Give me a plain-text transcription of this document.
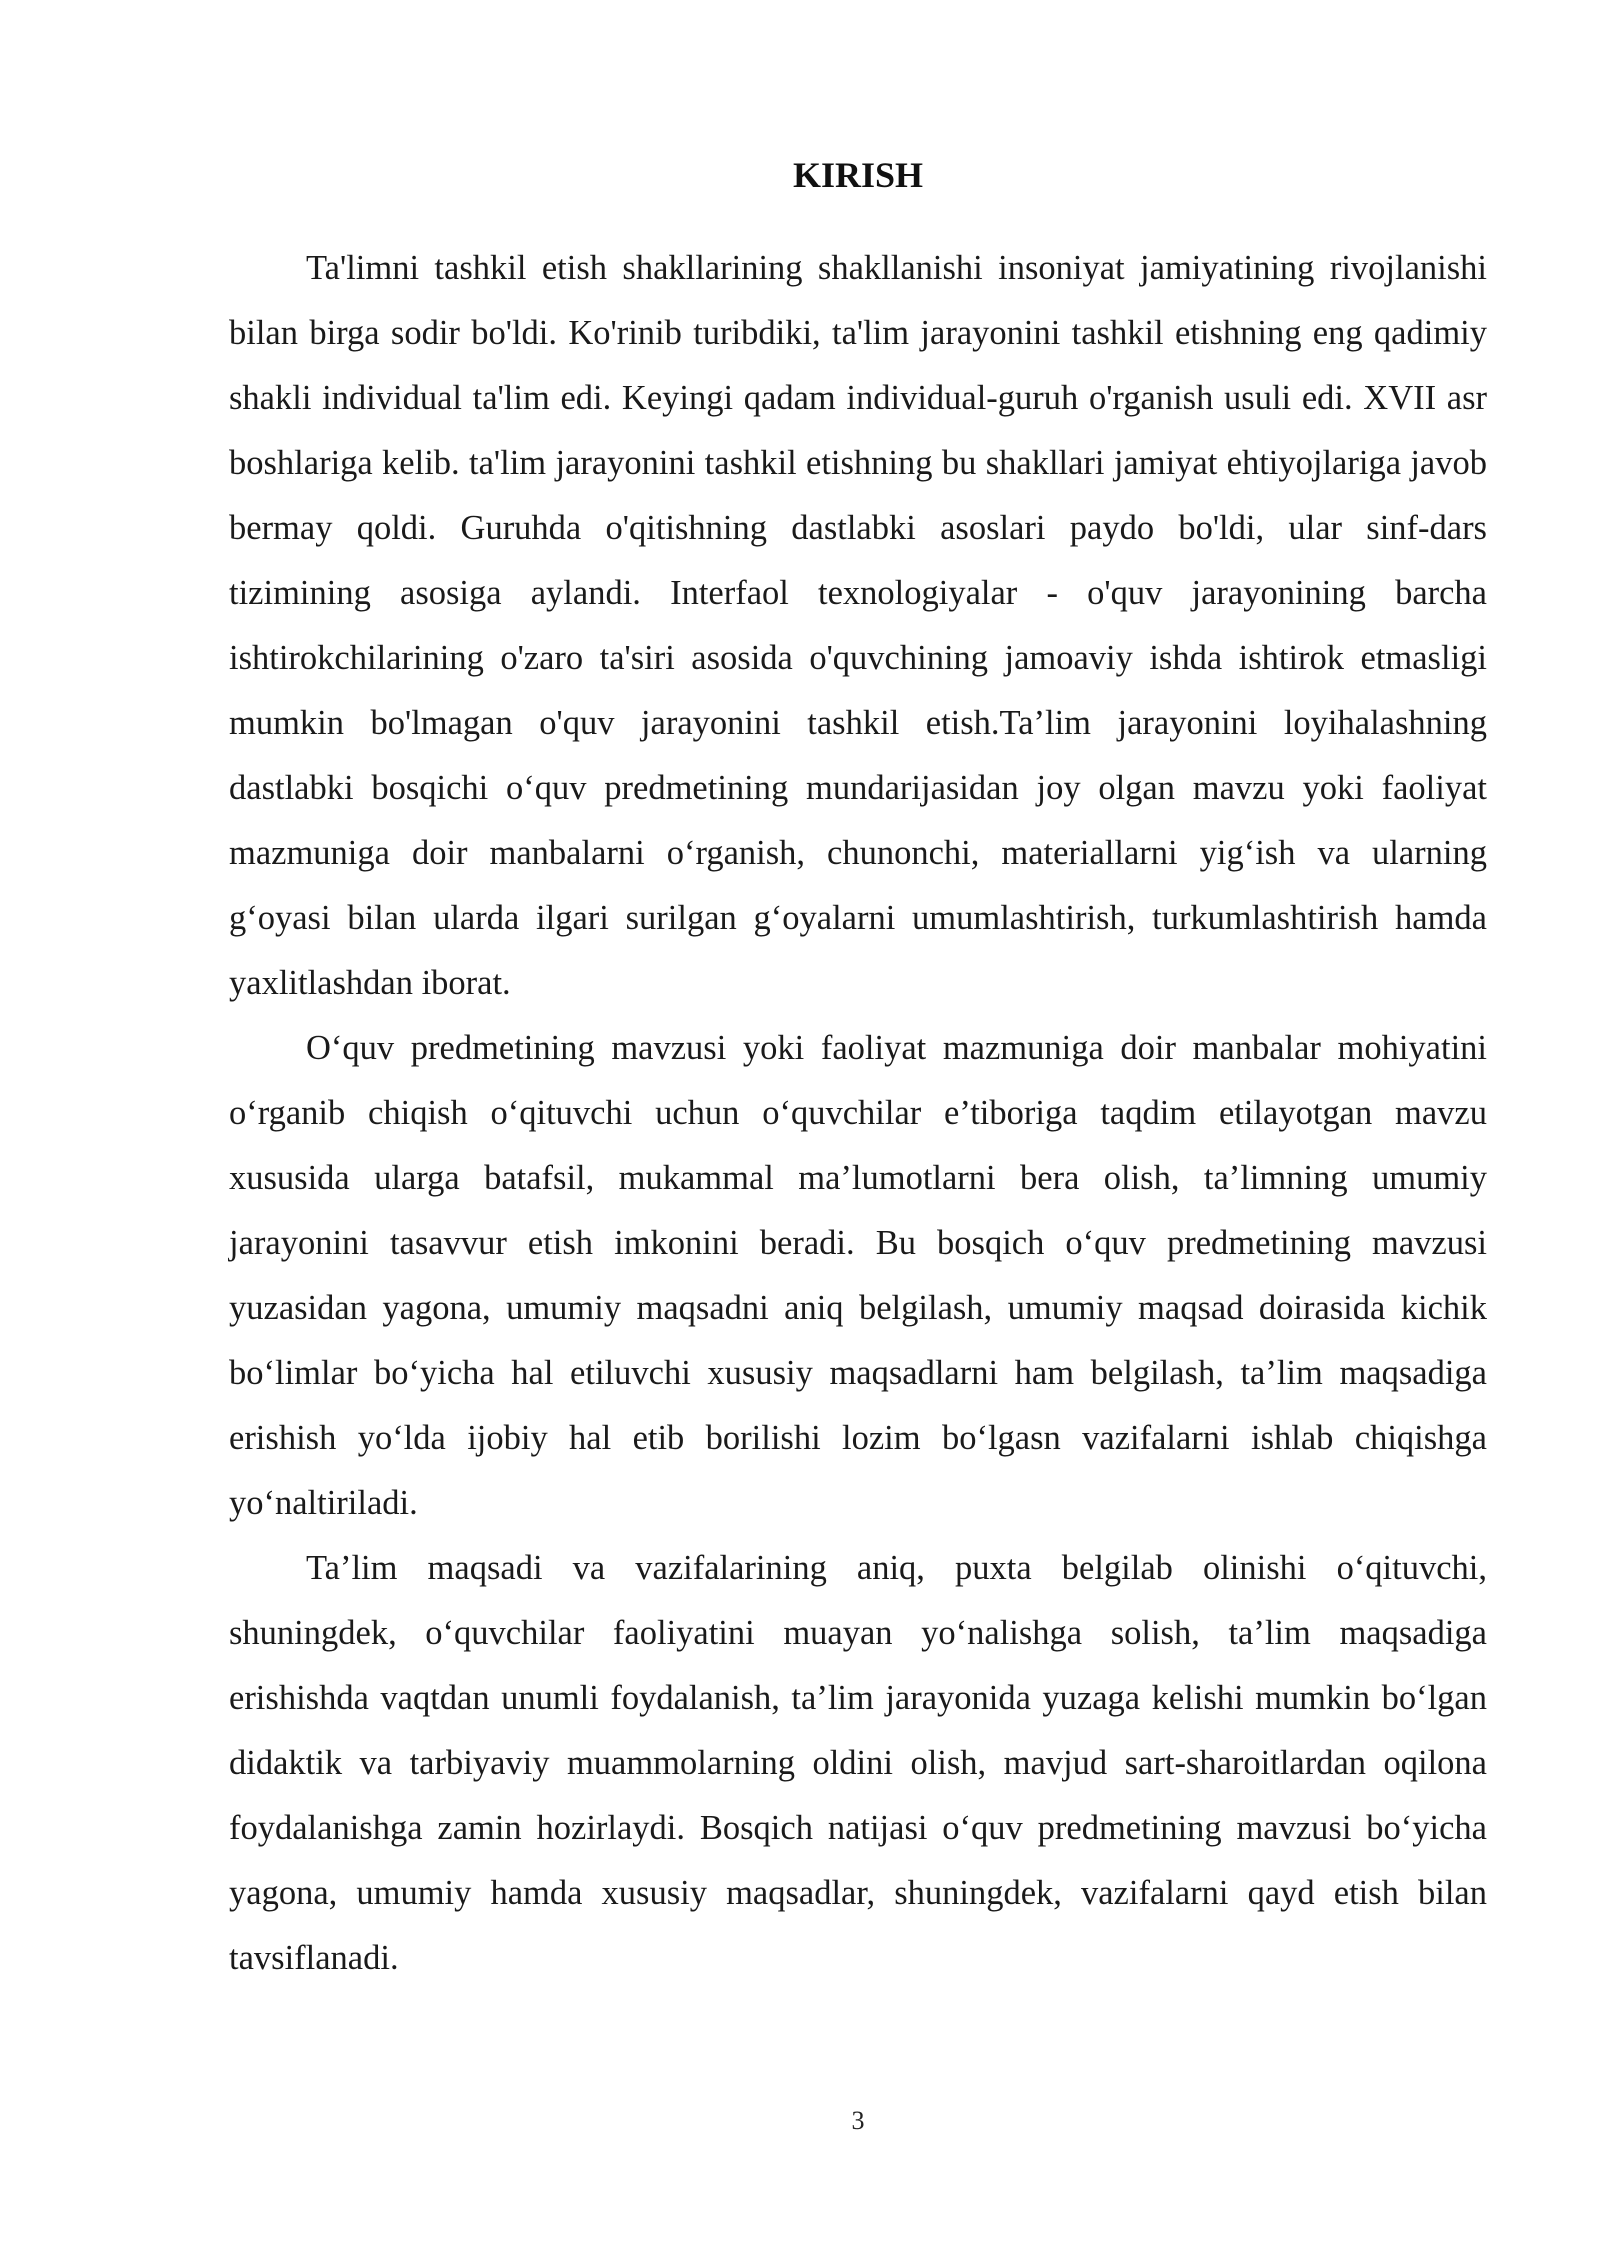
KIRISH

Ta'limni tashkil etish shakllarining shakllanishi insoniyat jamiyatining rivojlanishi bilan birga sodir bo'ldi. Ko'rinib turibdiki, ta'lim jarayonini tashkil etishning eng qadimiy shakli individual ta'lim edi. Keyingi qadam individual-guruh o'rganish usuli edi. XVII asr boshlariga kelib. ta'lim jarayonini tashkil etishning bu shakllari jamiyat ehtiyojlariga javob bermay qoldi. Guruhda o'qitishning dastlabki asoslari paydo bo'ldi, ular sinf-dars tizimining asosiga aylandi. Interfaol texnologiyalar - o'quv jarayonining barcha ishtirokchilarining o'zaro ta'siri asosida o'quvchining jamoaviy ishda ishtirok etmasligi mumkin bo'lmagan o'quv jarayonini tashkil etish.Ta’lim jarayonini loyihalashning dastlabki bosqichi o‘quv predmetining mundarijasidan joy olgan mavzu yoki faoliyat mazmuniga doir manbalarni o‘rganish, chunonchi, materiallarni yig‘ish va ularning g‘oyasi bilan ularda ilgari surilgan g‘oyalarni umumlashtirish, turkumlashtirish hamda yaxlitlashdan iborat.

O‘quv predmetining mavzusi yoki faoliyat mazmuniga doir manbalar mohiyatini o‘rganib chiqish o‘qituvchi uchun o‘quvchilar e’tiboriga taqdim etilayotgan mavzu xususida ularga batafsil, mukammal ma’lumotlarni bera olish, ta’limning umumiy jarayonini tasavvur etish imkonini beradi. Bu bosqich o‘quv predmetining mavzusi yuzasidan yagona, umumiy maqsadni aniq belgilash, umumiy maqsad doirasida kichik bo‘limlar bo‘yicha hal etiluvchi xususiy maqsadlarni ham belgilash, ta’lim maqsadiga erishish yo‘lda ijobiy hal etib borilishi lozim bo‘lgasn vazifalarni ishlab chiqishga yo‘naltiriladi.

Ta’lim maqsadi va vazifalarining aniq, puxta belgilab olinishi o‘qituvchi, shuningdek, o‘quvchilar faoliyatini muayan yo‘nalishga solish, ta’lim maqsadiga erishishda vaqtdan unumli foydalanish, ta’lim jarayonida yuzaga kelishi mumkin bo‘lgan didaktik va tarbiyaviy muammolarning oldini olish, mavjud sart-sharoitlardan oqilona foydalanishga zamin hozirlaydi. Bosqich natijasi o‘quv predmetining mavzusi bo‘yicha yagona, umumiy hamda xususiy maqsadlar, shuningdek, vazifalarni qayd etish bilan tavsiflanadi.

3
